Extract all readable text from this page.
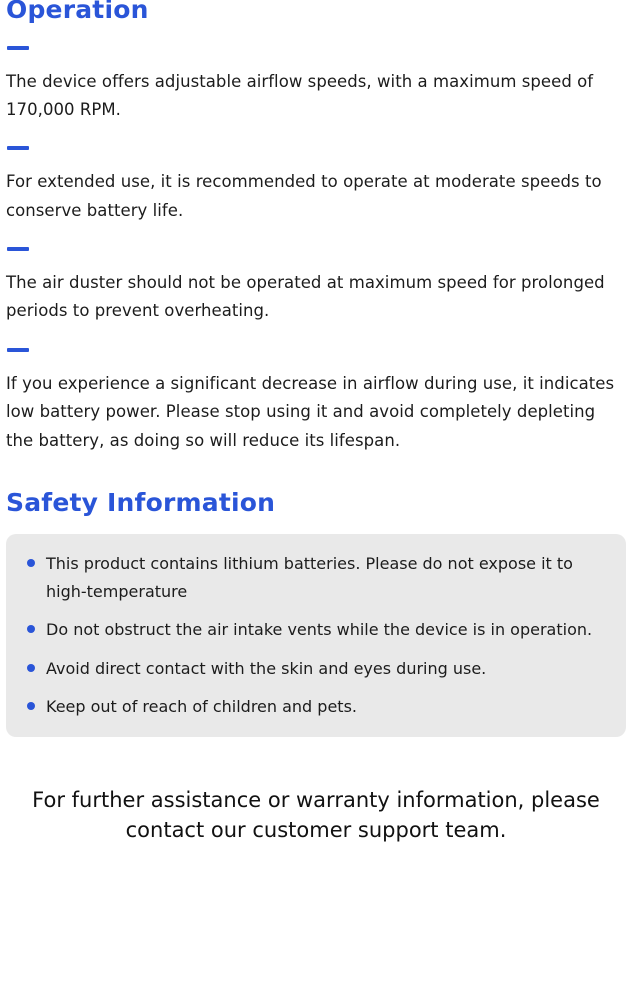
Operation

The device offers adjustable airflow speeds, with a maximum speed of 170,000 RPM.

For extended use, it is recommended to operate at moderate speeds to conserve battery life.

The air duster should not be operated at maximum speed for prolonged periods to prevent overheating.

If you experience a significant decrease in airflow during use, it indicates low battery power. Please stop using it and avoid completely depleting the battery, as doing so will reduce its lifespan.

Safety Information
This product contains lithium batteries. Please do not expose it to high-temperature
Do not obstruct the air intake vents while the device is in operation.
Avoid direct contact with the skin and eyes during use.
Keep out of reach of children and pets.
For further assistance or warranty information, please contact our customer support team.
